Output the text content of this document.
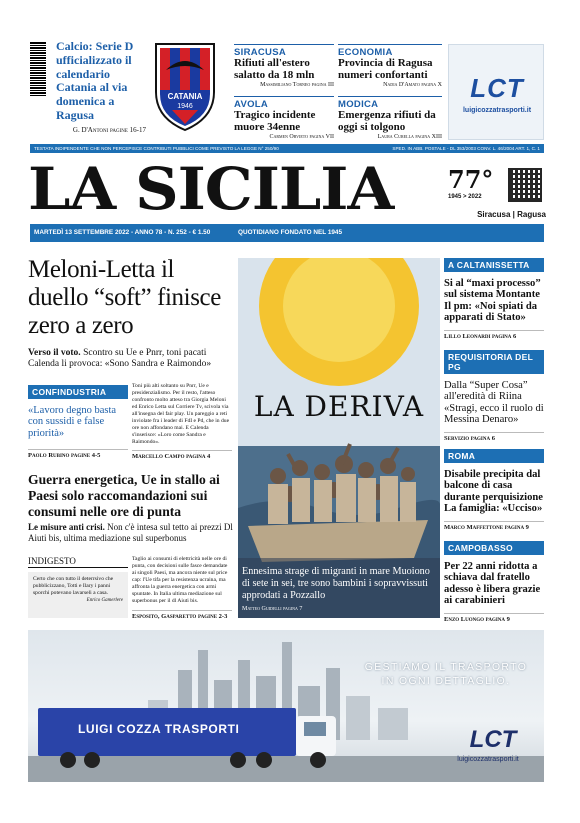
Calcio: Serie D ufficializzato il calendario Catania al via domenica a Ragusa
G. D'Antoni pagine 16-17
CATANIA
1946
SIRACUSA
Rifiuti all'estero salatto da 18 mln
Massimiliano Torneo pagina III
ECONOMIA
Provincia di Ragusa numeri confortanti
Nadia D'Amato pagina X
AVOLA
Tragico incidente muore 34enne
Carmen Orvieto pagina VII
MODICA
Emergenza rifiuti da oggi si tolgono
Laura Curella pagina XIII
LCT
luigicozzatrasporti.it
TESTATA INDIPENDENTE CHE NON PERCEPISCE CONTRIBUTI PUBBLICI COME PREVISTO LA LEGGE N° 250/90	SPED. IN ABB. POSTALE - DL 353/2003 CONV. L. 46/2004 ART. 1, C. 1
LA SICILIA 77°
1945 > 2022
Siracusa | Ragusa
MARTEDÌ 13 SETTEMBRE 2022 - ANNO 78 - N. 252 - € 1.50	QUOTIDIANO FONDATO NEL 1945
Meloni-Letta il duello “soft” finisce zero a zero
Verso il voto. Scontro su Ue e Pnrr, toni pacati Calenda li provoca: «Sono Sandra e Raimondo»
CONFINDUSTRIA
«Lavoro degno basta con sussidi e false priorità»
Paolo Rubino pagine 4-5
Toni più alti soltanto su Pnrr, Ue e presidenzialismo. Per il resto, l'atteso confronto molto atteso tra Giorgia Meloni ed Enrico Letta sul Corriere Tv, scivola via all'insegna del fair play. Un pareggio a reti inviolate fra i leader di FdI e Pd, che in due ore non affondano mai. E Calenda s'inserisce: «Loro come Sandra e Raimondo».
Marcello Campo pagina 4
Guerra energetica, Ue in stallo ai Paesi solo raccomandazioni sui consumi nelle ore di punta
Le misure anti crisi. Non c'è intesa sul tetto ai prezzi Dl Aiuti bis, ultima mediazione sul superbonus
INDIGESTO
Certo che con tutto il deterrsivo che pubblicizzano, Totti e Ilary i panni sporchi potevano lavarseli a casa.
Enrico Gamerlere
Taglio ai consumi di elettricità nelle ore di punta, con decisioni sulle fasce demandate ai singoli Paesi, ma ancora niente sul price cap: l'Ue tifa per la resistenza ucraina, ma affronta la guerra energetica con armi spuntate. In Italia ultima mediazione sul superbonus per il dl Aiuti bis.
Esposito, Gasparetto pagine 2-3
LA DERIVA
Ennesima strage di migranti in mare Muoiono di sete in sei, tre sono bambini i sopravvissuti approdati a Pozzallo
Matteo Guidelli pagina 7
A CALTANISSETTA
Si al “maxi processo” sul sistema Montante Il pm: «Noi spiati da apparati di Stato»
Lillo Leonardi pagina 6
REQUISITORIA DEL PG
Dalla “Super Cosa” all'eredità di Riina «Stragi, ecco il ruolo di Messina Denaro»
Servizio pagina 6
ROMA
Disabile precipita dal balcone di casa durante perquisizione La famiglia: «Ucciso»
Marco Maffettone pagina 9
CAMPOBASSO
Per 22 anni ridotta a schiava dal fratello adesso è libera grazie ai carabinieri
Enzo Luongo pagina 9
LUIGI COZZA TRASPORTI
GESTIAMO IL TRASPORTO
IN OGNI DETTAGLIO.
LCT
luigicozzatrasporti.it
